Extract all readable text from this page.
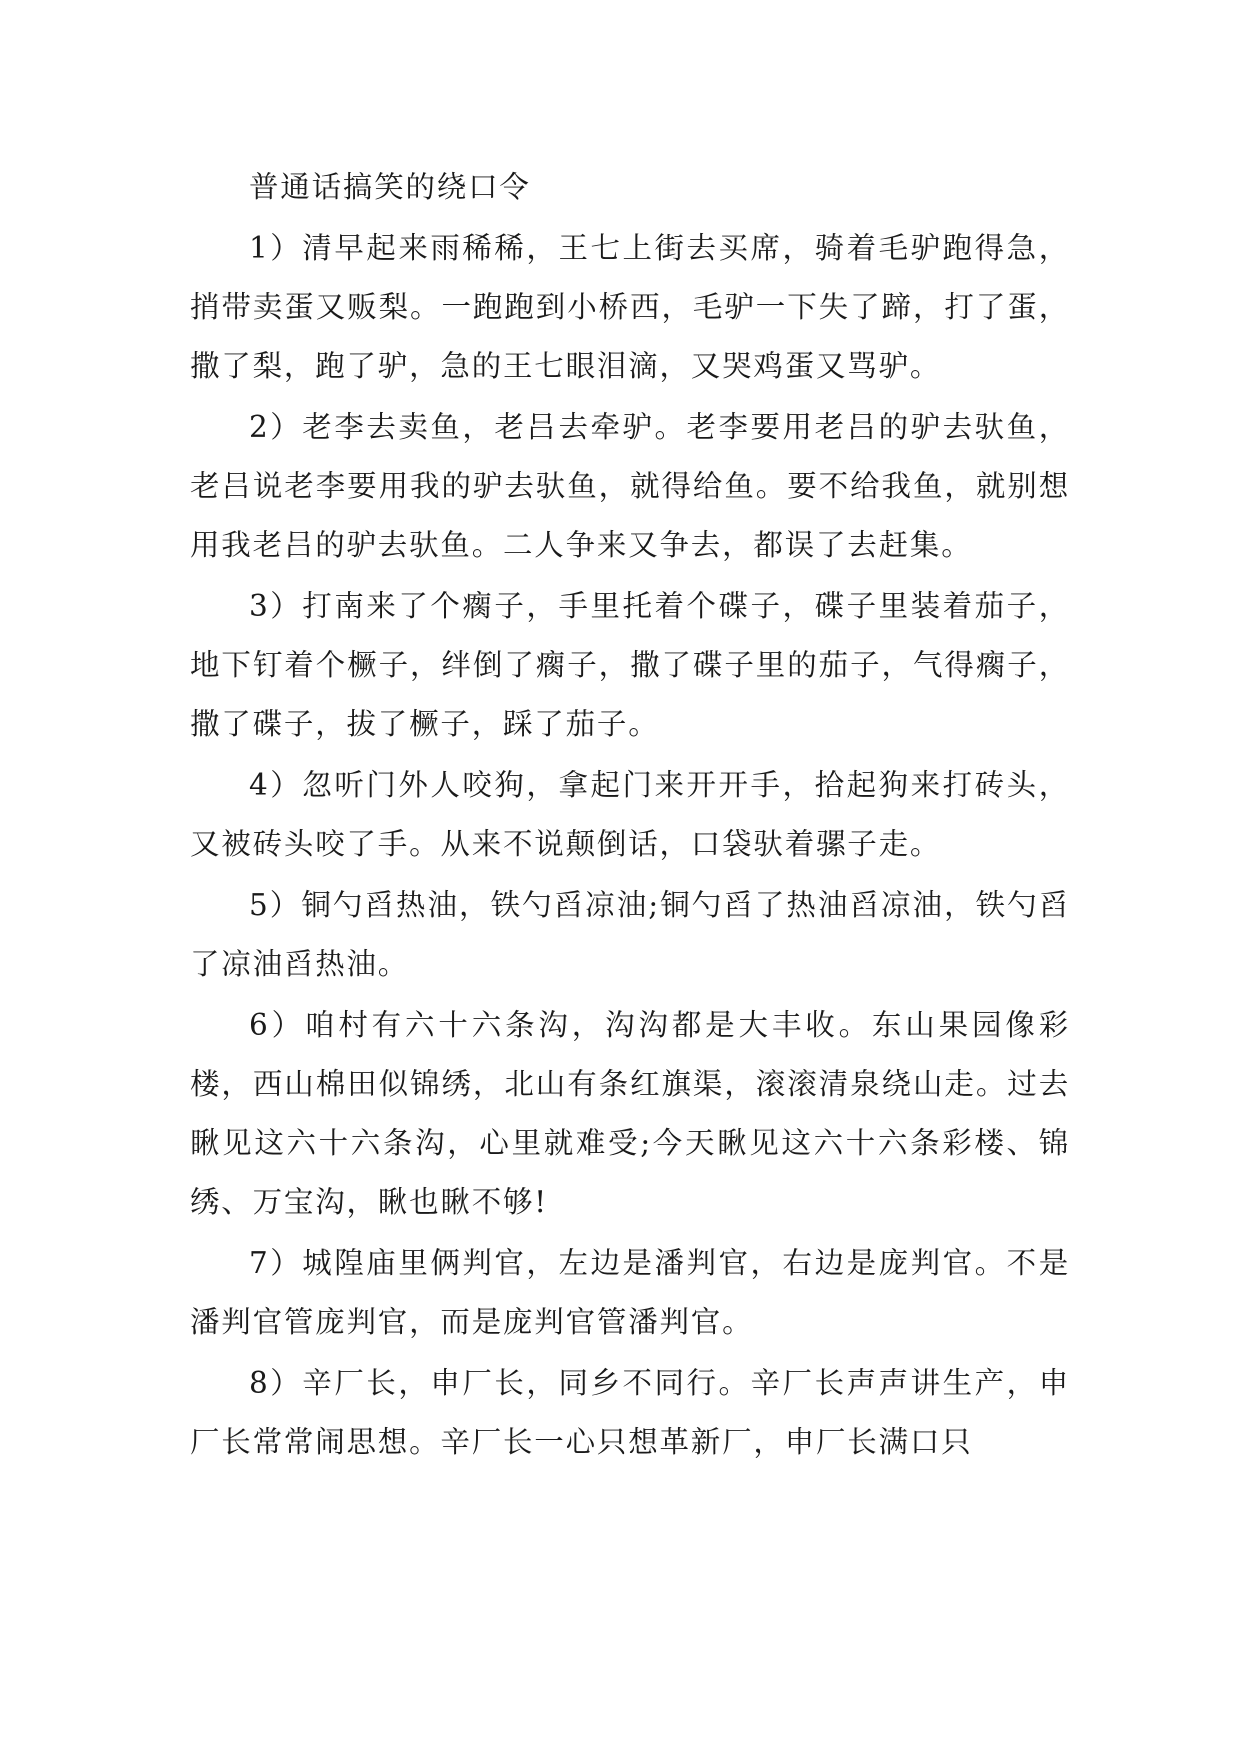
普通话搞笑的绕口令

1）清早起来雨稀稀，王七上街去买席，骑着毛驴跑得急，捎带卖蛋又贩梨。一跑跑到小桥西，毛驴一下失了蹄，打了蛋，撒了梨，跑了驴，急的王七眼泪滴，又哭鸡蛋又骂驴。

2）老李去卖鱼，老吕去牵驴。老李要用老吕的驴去驮鱼，老吕说老李要用我的驴去驮鱼，就得给鱼。要不给我鱼，就别想用我老吕的驴去驮鱼。二人争来又争去，都误了去赶集。

3）打南来了个瘸子，手里托着个碟子，碟子里装着茄子，地下钉着个橛子，绊倒了瘸子，撒了碟子里的茄子，气得瘸子，撒了碟子，拔了橛子，踩了茄子。

4）忽听门外人咬狗，拿起门来开开手，拾起狗来打砖头，又被砖头咬了手。从来不说颠倒话，口袋驮着骡子走。

5）铜勺舀热油，铁勺舀凉油;铜勺舀了热油舀凉油，铁勺舀了凉油舀热油。

6）咱村有六十六条沟，沟沟都是大丰收。东山果园像彩楼，西山棉田似锦绣，北山有条红旗渠，滚滚清泉绕山走。过去瞅见这六十六条沟，心里就难受;今天瞅见这六十六条彩楼、锦绣、万宝沟，瞅也瞅不够!

7）城隍庙里俩判官，左边是潘判官，右边是庞判官。不是潘判官管庞判官，而是庞判官管潘判官。

8）辛厂长，申厂长，同乡不同行。辛厂长声声讲生产，申厂长常常闹思想。辛厂长一心只想革新厂，申厂长满口只
